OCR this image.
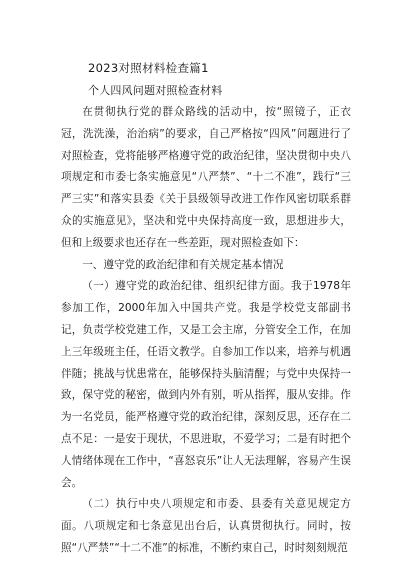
2023对照材料检查篇1
个人四风问题对照检查材料

在贯彻执行党的群众路线的活动中，按“照镜子，正衣冠，洗洗澡，治治病”的要求，自己严格按“四风”问题进行了对照检查，党将能够严格遵守党的政治纪律，坚决贯彻中央八项规定和市委七条实施意见“八严禁”、“十二不准”，践行“三严三实”和落实县委《关于县级领导改进工作作风密切联系群众的实施意见》，坚决和党中央保持高度一致，思想进步大，但和上级要求也还存在一些差距，现对照检查如下：

一、遵守党的政治纪律和有关规定基本情况

（一）遵守党的政治纪律、组织纪律方面。我于1978年参加工作，2000年加入中国共产党。我是学校党支部副书记，负责学校党建工作，又是工会主席，分管安全工作，在加上三年级班主任，任语文教学。自参加工作以来，培养与机遇伴随；挑战与忧患常在，能够保持头脑清醒；与党中央保持一致，保守党的秘密，做到内外有别，听从指挥，服从安排。作为一名党员，能严格遵守党的政治纪律，深刻反思，还存在二点不足：一是安于现状，不思进取，不爱学习；二是有时把个人情绪体现在工作中，“喜怒哀乐”让人无法理解，容易产生误会。

（二）执行中央八项规定和市委、县委有关意见规定方面。八项规定和七条意见出台后，认真贯彻执行。同时，按照“八严禁”“十二不准”的标准，不断约束自己，时时刻刻规范
